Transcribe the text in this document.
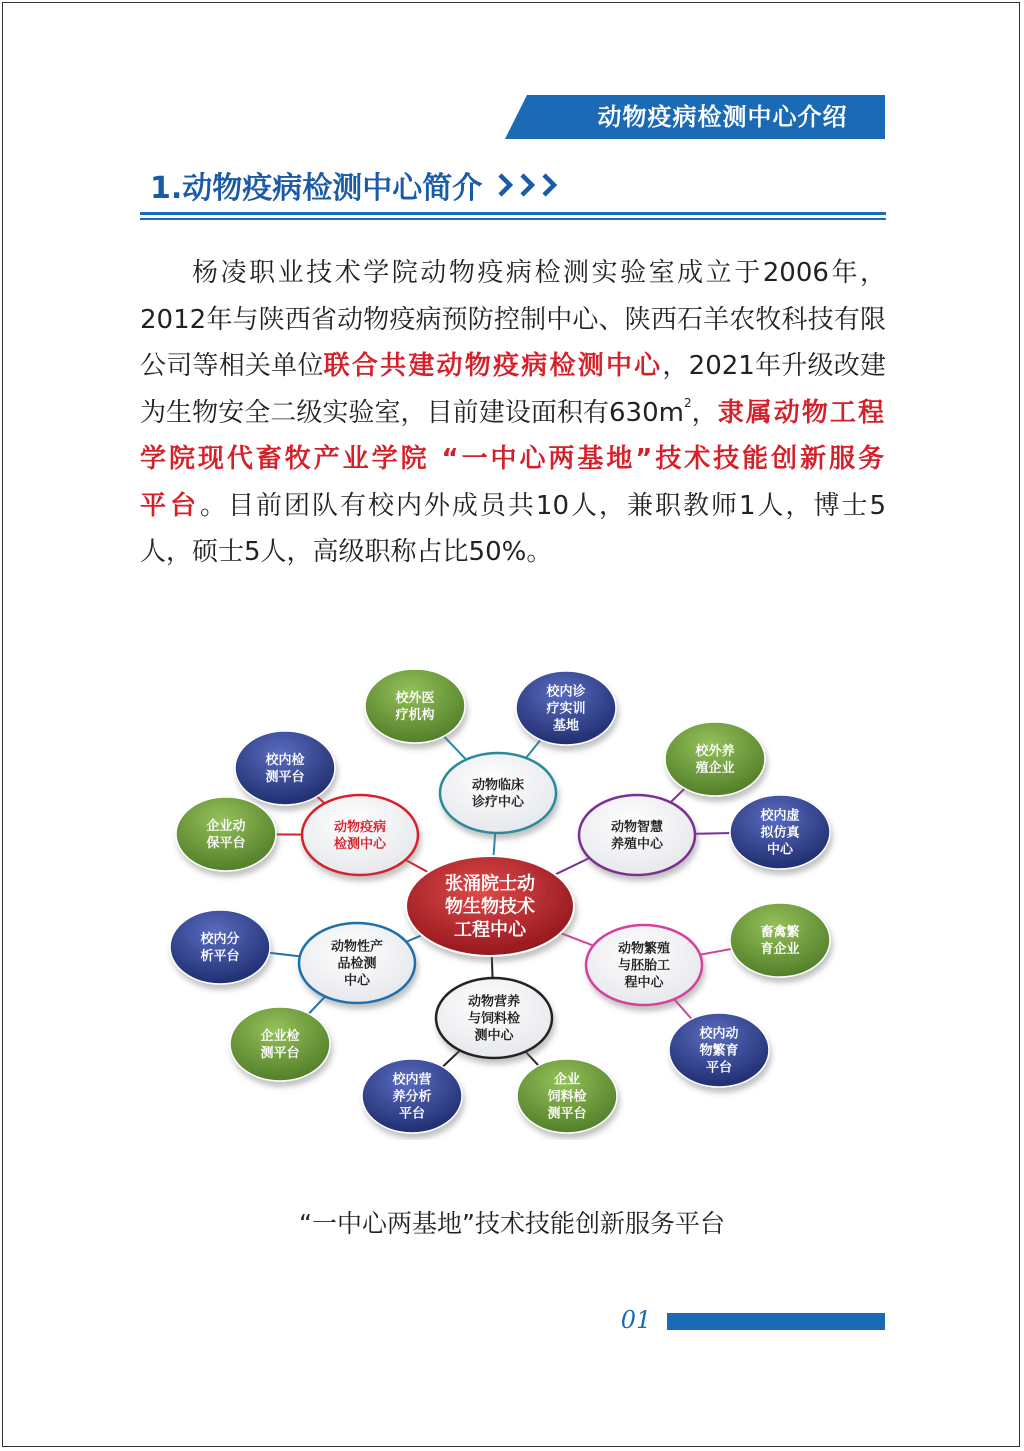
动物疫病检测中心介绍
1.动物疫病检测中心简介
杨凌职业技术学院动物疫病检测实验室成立于2006年，2012年与陕西省动物疫病预防控制中心、陕西石羊农牧科技有限公司等相关单位联合共建动物疫病检测中心，2021年升级改建为生物安全二级实验室，目前建设面积有$630m^2$，隶属动物工程学院现代畜牧产业学院 “一中心两基地”技术技能创新服务平台。目前团队有校内外成员共10人，兼职教师1人，博士5人，硕士5人，高级职称占比50%。
校内检
测平台
企业动
保平台
校外医
疗机构
校内诊
疗实训
基地
校外养
殖企业
校内虚
拟仿真
中心
畜禽繁
育企业
校内动
物繁育
平台
企业
饲料检
测平台
校内营
养分析
平台
企业检
测平台
校内分
析平台
动物疫病
检测中心
动物临床
诊疗中心
动物智慧
养殖中心
动物繁殖
与胚胎工
程中心
动物营养
与饲料检
测中心
动物性产
品检测
中心
张涌院士动
物生物技术
工程中心
“一中心两基地”技术技能创新服务平台
01
